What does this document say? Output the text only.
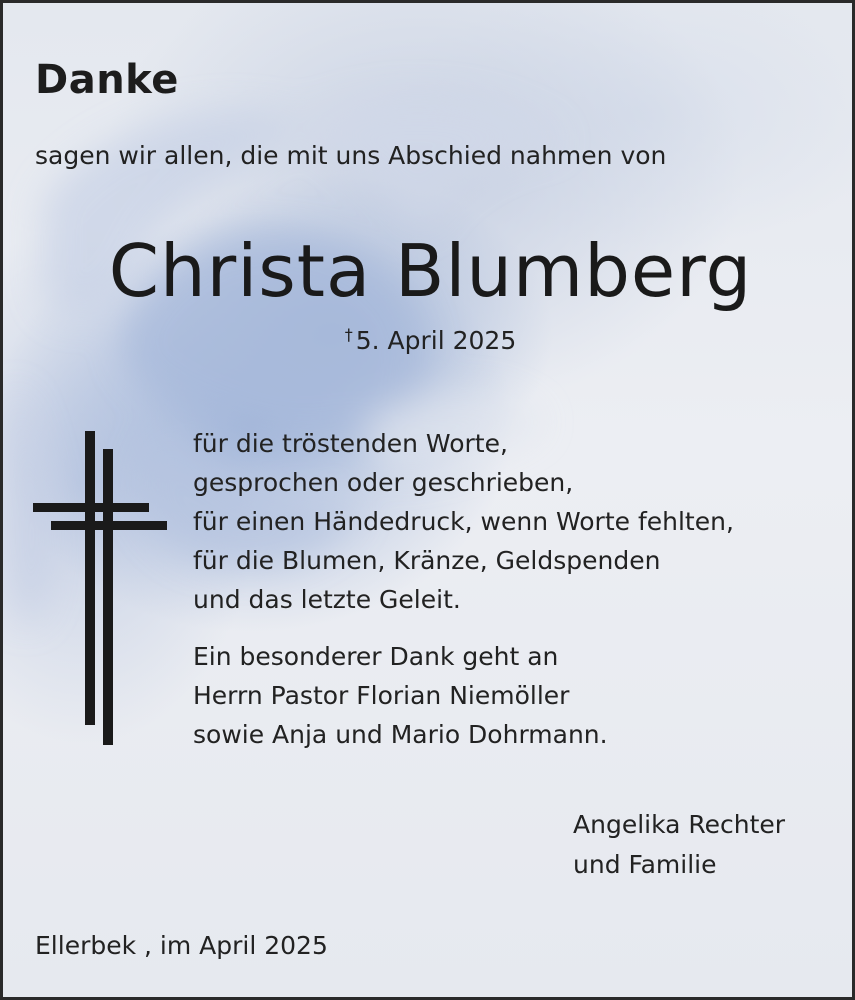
Danke

sagen wir allen, die mit uns Abschied nahmen von

Christa Blumberg

† 5. April 2025

für die tröstenden Worte,
gesprochen oder geschrieben,
für einen Händedruck, wenn Worte fehlten,
für die Blumen, Kränze, Geldspenden
und das letzte Geleit.
Ein besonderer Dank geht an
Herrn Pastor Florian Niemöller
sowie Anja und Mario Dohrmann.
Angelika Rechter
und Familie

Ellerbek , im April 2025
